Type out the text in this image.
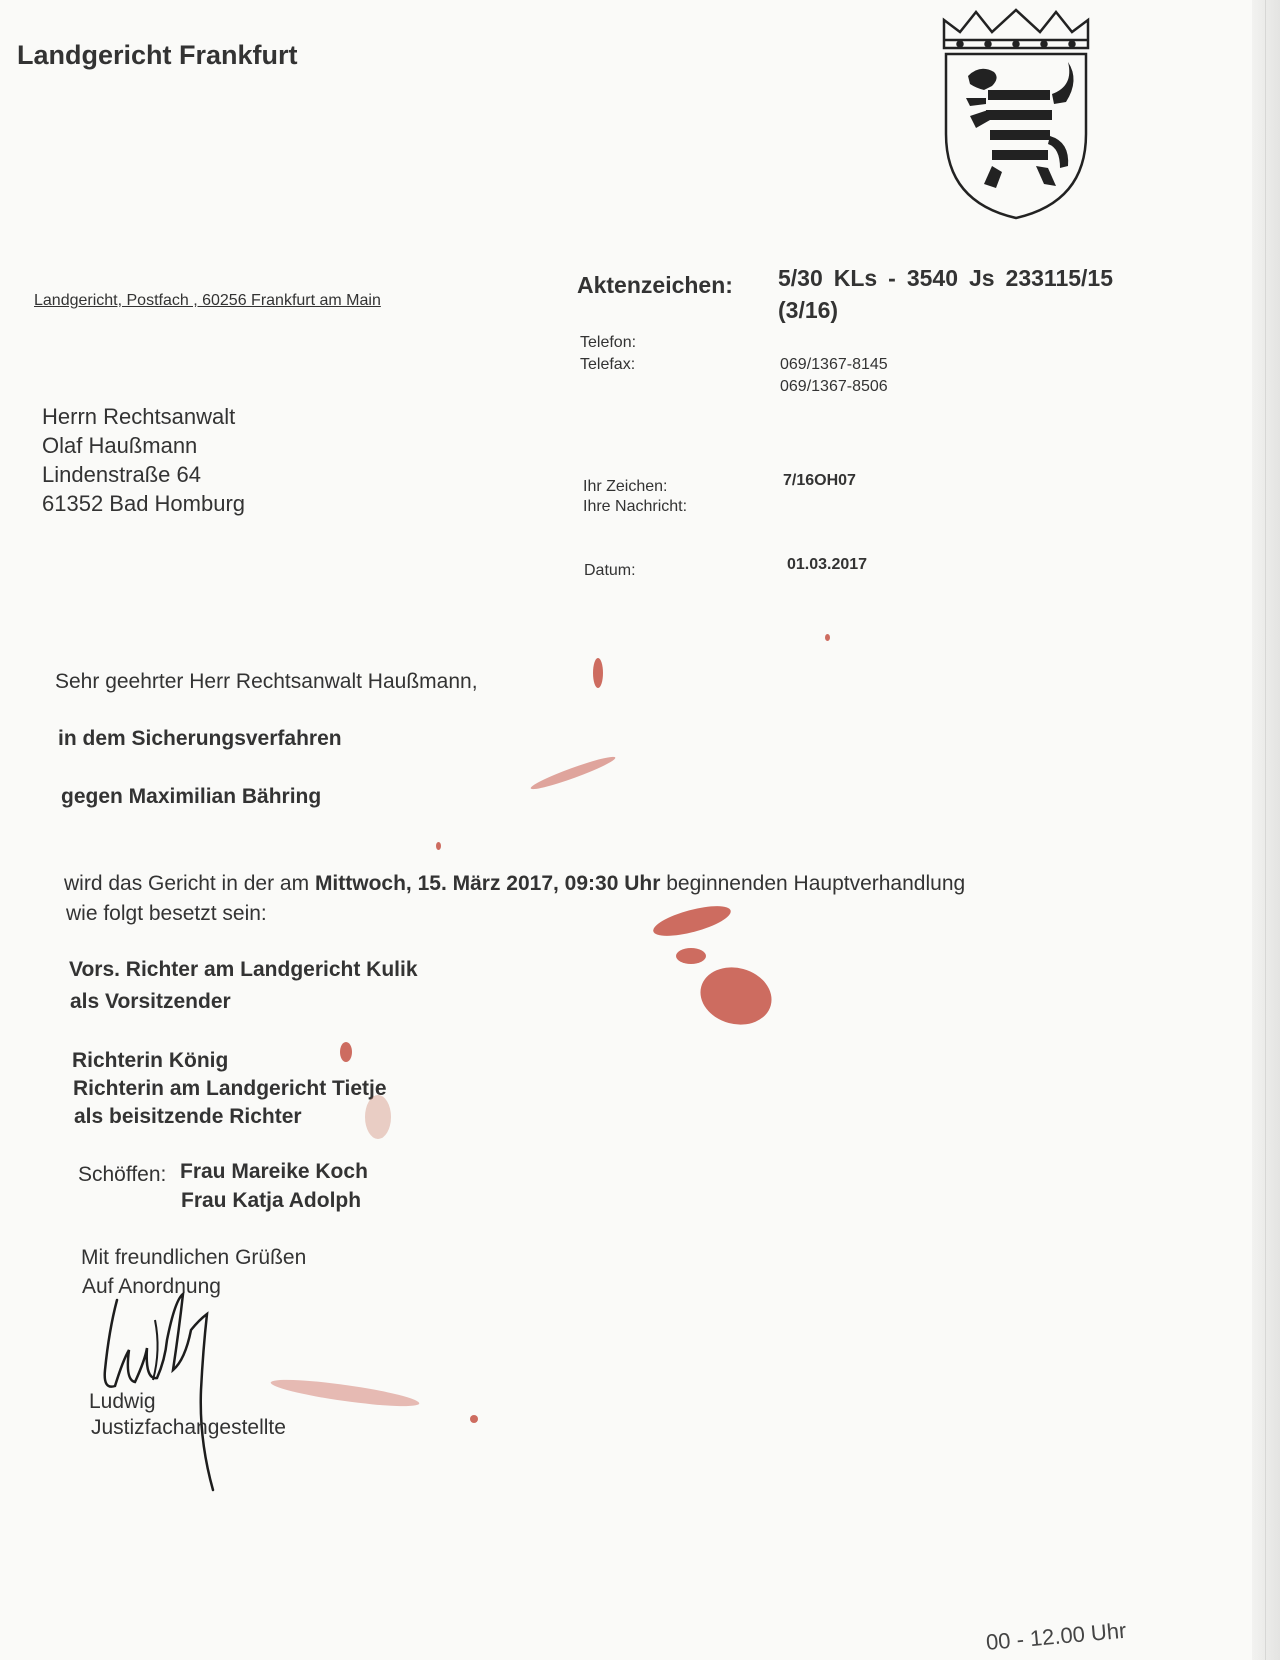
Landgericht Frankfurt
Landgericht, Postfach , 60256 Frankfurt am Main
Herrn Rechtsanwalt
Olaf Haußmann
Lindenstraße 64
61352 Bad Homburg
Aktenzeichen: 5/30 KLs - 3540 Js 233115/15 (3/16)
Telefon:
Telefax:	069/1367-8145
069/1367-8506
Ihr Zeichen:
Ihre Nachricht:
7/16OH07
Datum:	01.03.2017
Sehr geehrter Herr Rechtsanwalt Haußmann,
in dem Sicherungsverfahren
gegen Maximilian Bähring
wird das Gericht in der am Mittwoch, 15. März 2017, 09:30 Uhr beginnenden Hauptverhandlung
wie folgt besetzt sein:
Vors. Richter am Landgericht Kulik
als Vorsitzender
Richterin König
Richterin am Landgericht Tietje
als beisitzende Richter
Schöffen: Frau Mareike Koch
Frau Katja Adolph
Mit freundlichen Grüßen
Auf Anordnung
Ludwig
Justizfachangestellte
00 - 12.00 Uhr
